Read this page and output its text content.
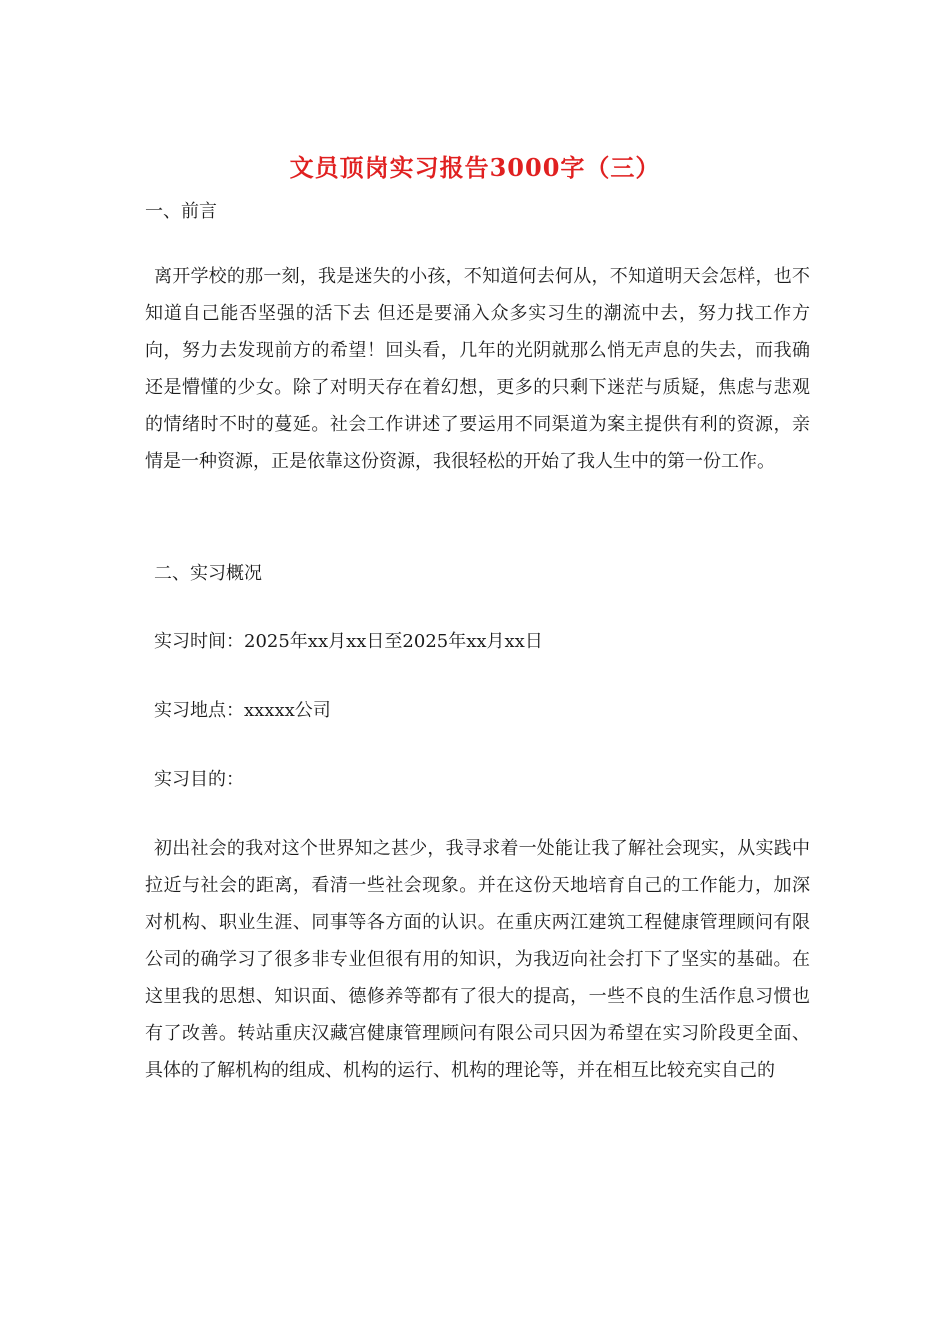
文员顶岗实习报告3000字（三）

一、前言

离开学校的那一刻，我是迷失的小孩，不知道何去何从，不知道明天会怎样，也不知道自己能否坚强的活下去 但还是要涌入众多实习生的潮流中去，努力找工作方向，努力去发现前方的希望！回头看，几年的光阴就那么悄无声息的失去，而我确还是懵懂的少女。除了对明天存在着幻想，更多的只剩下迷茫与质疑，焦虑与悲观的情绪时不时的蔓延。社会工作讲述了要运用不同渠道为案主提供有利的资源，亲情是一种资源，正是依靠这份资源，我很轻松的开始了我人生中的第一份工作。

二、实习概况

实习时间：2025年xx月xx日至2025年xx月xx日

实习地点：xxxxx公司

实习目的：

初出社会的我对这个世界知之甚少，我寻求着一处能让我了解社会现实，从实践中拉近与社会的距离，看清一些社会现象。并在这份天地培育自己的工作能力，加深对机构、职业生涯、同事等各方面的认识。在重庆两江建筑工程健康管理顾问有限公司的确学习了很多非专业但很有用的知识，为我迈向社会打下了坚实的基础。在这里我的思想、知识面、德修养等都有了很大的提高，一些不良的生活作息习惯也有了改善。转站重庆汉藏宫健康管理顾问有限公司只因为希望在实习阶段更全面、具体的了解机构的组成、机构的运行、机构的理论等，并在相互比较充实自己的
